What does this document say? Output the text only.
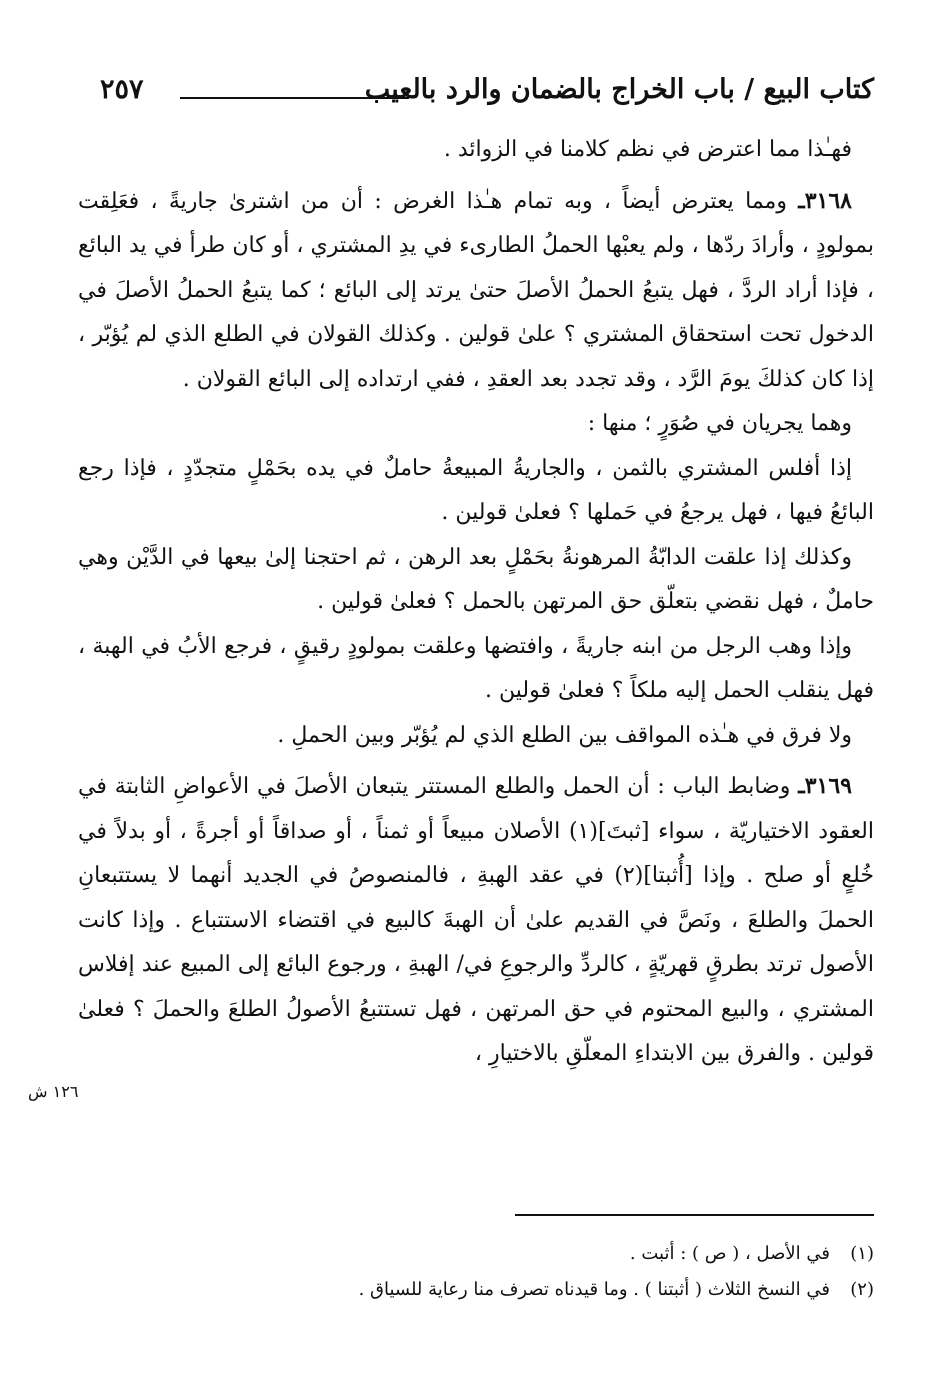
كتاب البيع / باب الخراج بالضمان والرد بالعيب
٢٥٧

فهـٰذا مما اعترض في نظم كلامنا في الزوائد .

٣١٦٨ـ ومما يعترض أيضاً ، وبه تمام هـٰذا الغرض : أن من اشترىٰ جاريةً ، فعَلِقت بمولودٍ ، وأرادَ ردّها ، ولم يعبْها الحملُ الطارىء في يدِ المشتري ، أو كان طرأ في يد البائع ، فإذا أراد الردَّ ، فهل يتبعُ الحملُ الأصلَ حتىٰ يرتد إلى البائع ؛ كما يتبعُ الحملُ الأصلَ في الدخول تحت استحقاق المشتري ؟ علىٰ قولين . وكذلك القولان في الطلع الذي لم يُؤبّر ، إذا كان كذلكَ يومَ الرَّد ، وقد تجدد بعد العقدِ ، ففي ارتداده إلى البائع القولان .

وهما يجريان في صُوَرٍ ؛ منها :

إذا أفلس المشتري بالثمن ، والجاريةُ المبيعةُ حاملٌ في يده بحَمْلٍ متجدّدٍ ، فإذا رجع البائعُ فيها ، فهل يرجعُ في حَملها ؟ فعلىٰ قولين .

وكذلك إذا علقت الدابّةُ المرهونةُ بحَمْلٍ بعد الرهن ، ثم احتجنا إلىٰ بيعها في الدَّيْن وهي حاملٌ ، فهل نقضي بتعلّق حق المرتهن بالحمل ؟ فعلىٰ قولين .

وإذا وهب الرجل من ابنه جاريةً ، وافتضها وعلقت بمولودٍ رقيقٍ ، فرجع الأبُ في الهبة ، فهل ينقلب الحمل إليه ملكاً ؟ فعلىٰ قولين .

ولا فرق في هـٰذه المواقف بين الطلع الذي لم يُؤبّر وبين الحملِ .

٣١٦٩ـ وضابط الباب : أن الحمل والطلع المستتر يتبعان الأصلَ في الأعواضِ الثابتة في العقود الاختياريّة ، سواء [ثبتَ](١) الأصلان مبيعاً أو ثمناً ، أو صداقاً أو أجرةً ، أو بدلاً في خُلعٍ أو صلح . وإذا [أُثبتا](٢) في عقد الهبةِ ، فالمنصوصُ في الجديد أنهما لا يستتبعانِ الحملَ والطلعَ ، ونَصَّ في القديم علىٰ أن الهبةَ كالبيع في اقتضاء الاستتباع . وإذا كانت الأصول ترتد بطرقٍ قهريّةٍ ، كالردِّ والرجوعِ في/ الهبةِ ، ورجوع البائع إلى المبيع عند إفلاس المشتري ، والبيع المحتوم في حق المرتهن ، فهل تستتبعُ الأصولُ الطلعَ والحملَ ؟ فعلىٰ قولين . والفرق بين الابتداءِ المعلّقِ بالاختيارِ ،

١٢٦ ش
(١)
في الأصل ، ( ص ) : أثبت .
(٢)
في النسخ الثلاث ( أثبتنا ) . وما قيدناه تصرف منا رعاية للسياق .
